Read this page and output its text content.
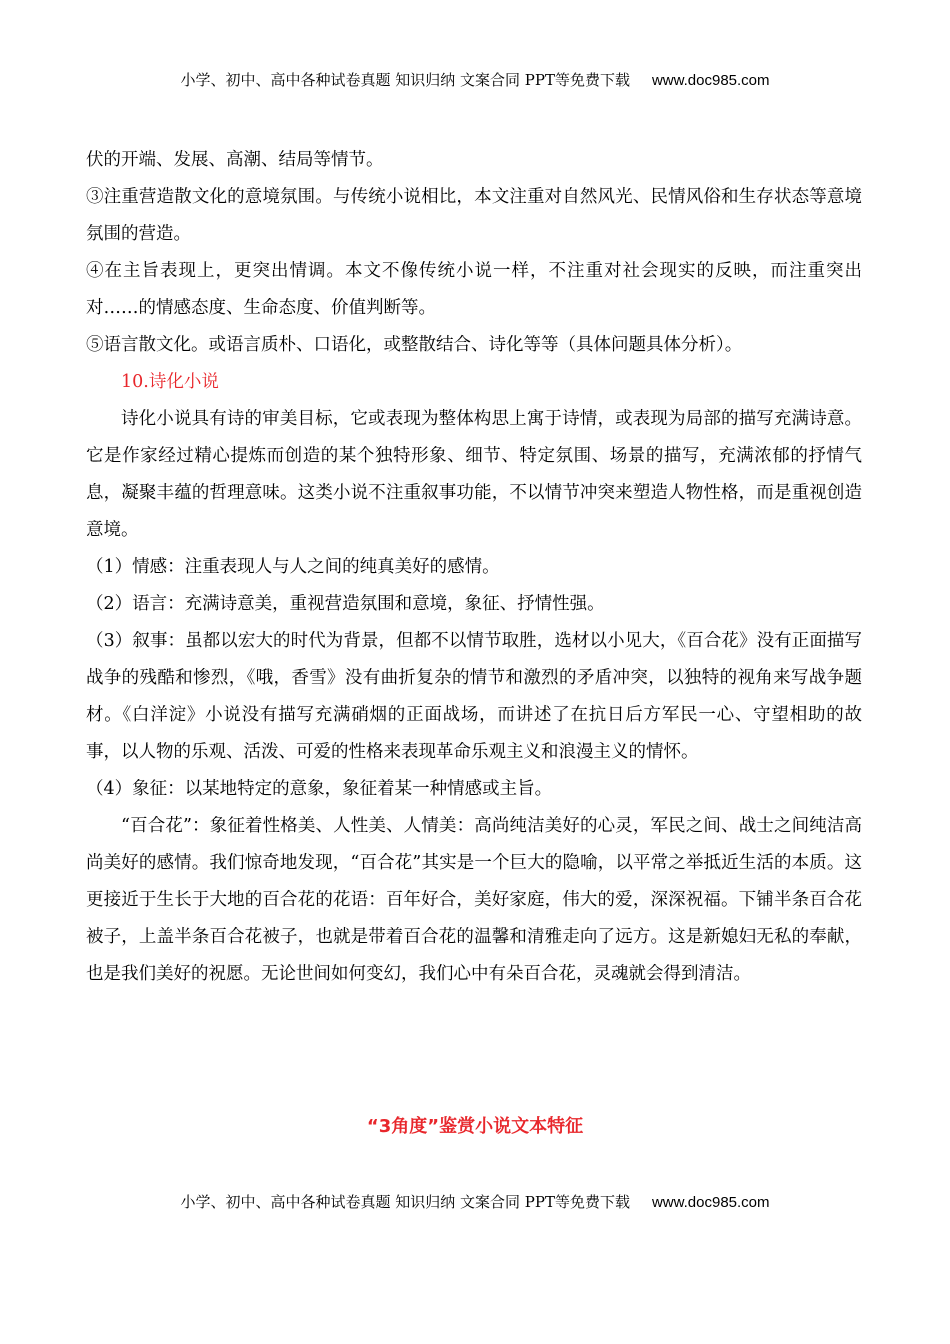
小学、初中、高中各种试卷真题 知识归纳 文案合同 PPT等免费下载 www.doc985.com

伏的开端、发展、高潮、结局等情节。

③注重营造散文化的意境氛围。与传统小说相比，本文注重对自然风光、民情风俗和生存状态等意境氛围的营造。

④在主旨表现上，更突出情调。本文不像传统小说一样，不注重对社会现实的反映，而注重突出对……的情感态度、生命态度、价值判断等。

⑤语言散文化。或语言质朴、口语化，或整散结合、诗化等等（具体问题具体分析）。

10.诗化小说

诗化小说具有诗的审美目标，它或表现为整体构思上寓于诗情，或表现为局部的描写充满诗意。它是作家经过精心提炼而创造的某个独特形象、细节、特定氛围、场景的描写，充满浓郁的抒情气息，凝聚丰蕴的哲理意味。这类小说不注重叙事功能，不以情节冲突来塑造人物性格，而是重视创造意境。

（1）情感：注重表现人与人之间的纯真美好的感情。

（2）语言：充满诗意美，重视营造氛围和意境，象征、抒情性强。

（3）叙事：虽都以宏大的时代为背景，但都不以情节取胜，选材以小见大，《百合花》没有正面描写战争的残酷和惨烈，《哦，香雪》没有曲折复杂的情节和激烈的矛盾冲突，以独特的视角来写战争题材。《白洋淀》小说没有描写充满硝烟的正面战场，而讲述了在抗日后方军民一心、守望相助的故事，以人物的乐观、活泼、可爱的性格来表现革命乐观主义和浪漫主义的情怀。

（4）象征：以某地特定的意象，象征着某一种情感或主旨。

“百合花”：象征着性格美、人性美、人情美：高尚纯洁美好的心灵，军民之间、战士之间纯洁高尚美好的感情。我们惊奇地发现，“百合花”其实是一个巨大的隐喻，以平常之举抵近生活的本质。这更接近于生长于大地的百合花的花语：百年好合，美好家庭，伟大的爱，深深祝福。下铺半条百合花被子，上盖半条百合花被子，也就是带着百合花的温馨和清雅走向了远方。这是新媳妇无私的奉献，也是我们美好的祝愿。无论世间如何变幻，我们心中有朵百合花，灵魂就会得到清洁。

“3角度”鉴赏小说文本特征
小学、初中、高中各种试卷真题 知识归纳 文案合同 PPT等免费下载 www.doc985.com
